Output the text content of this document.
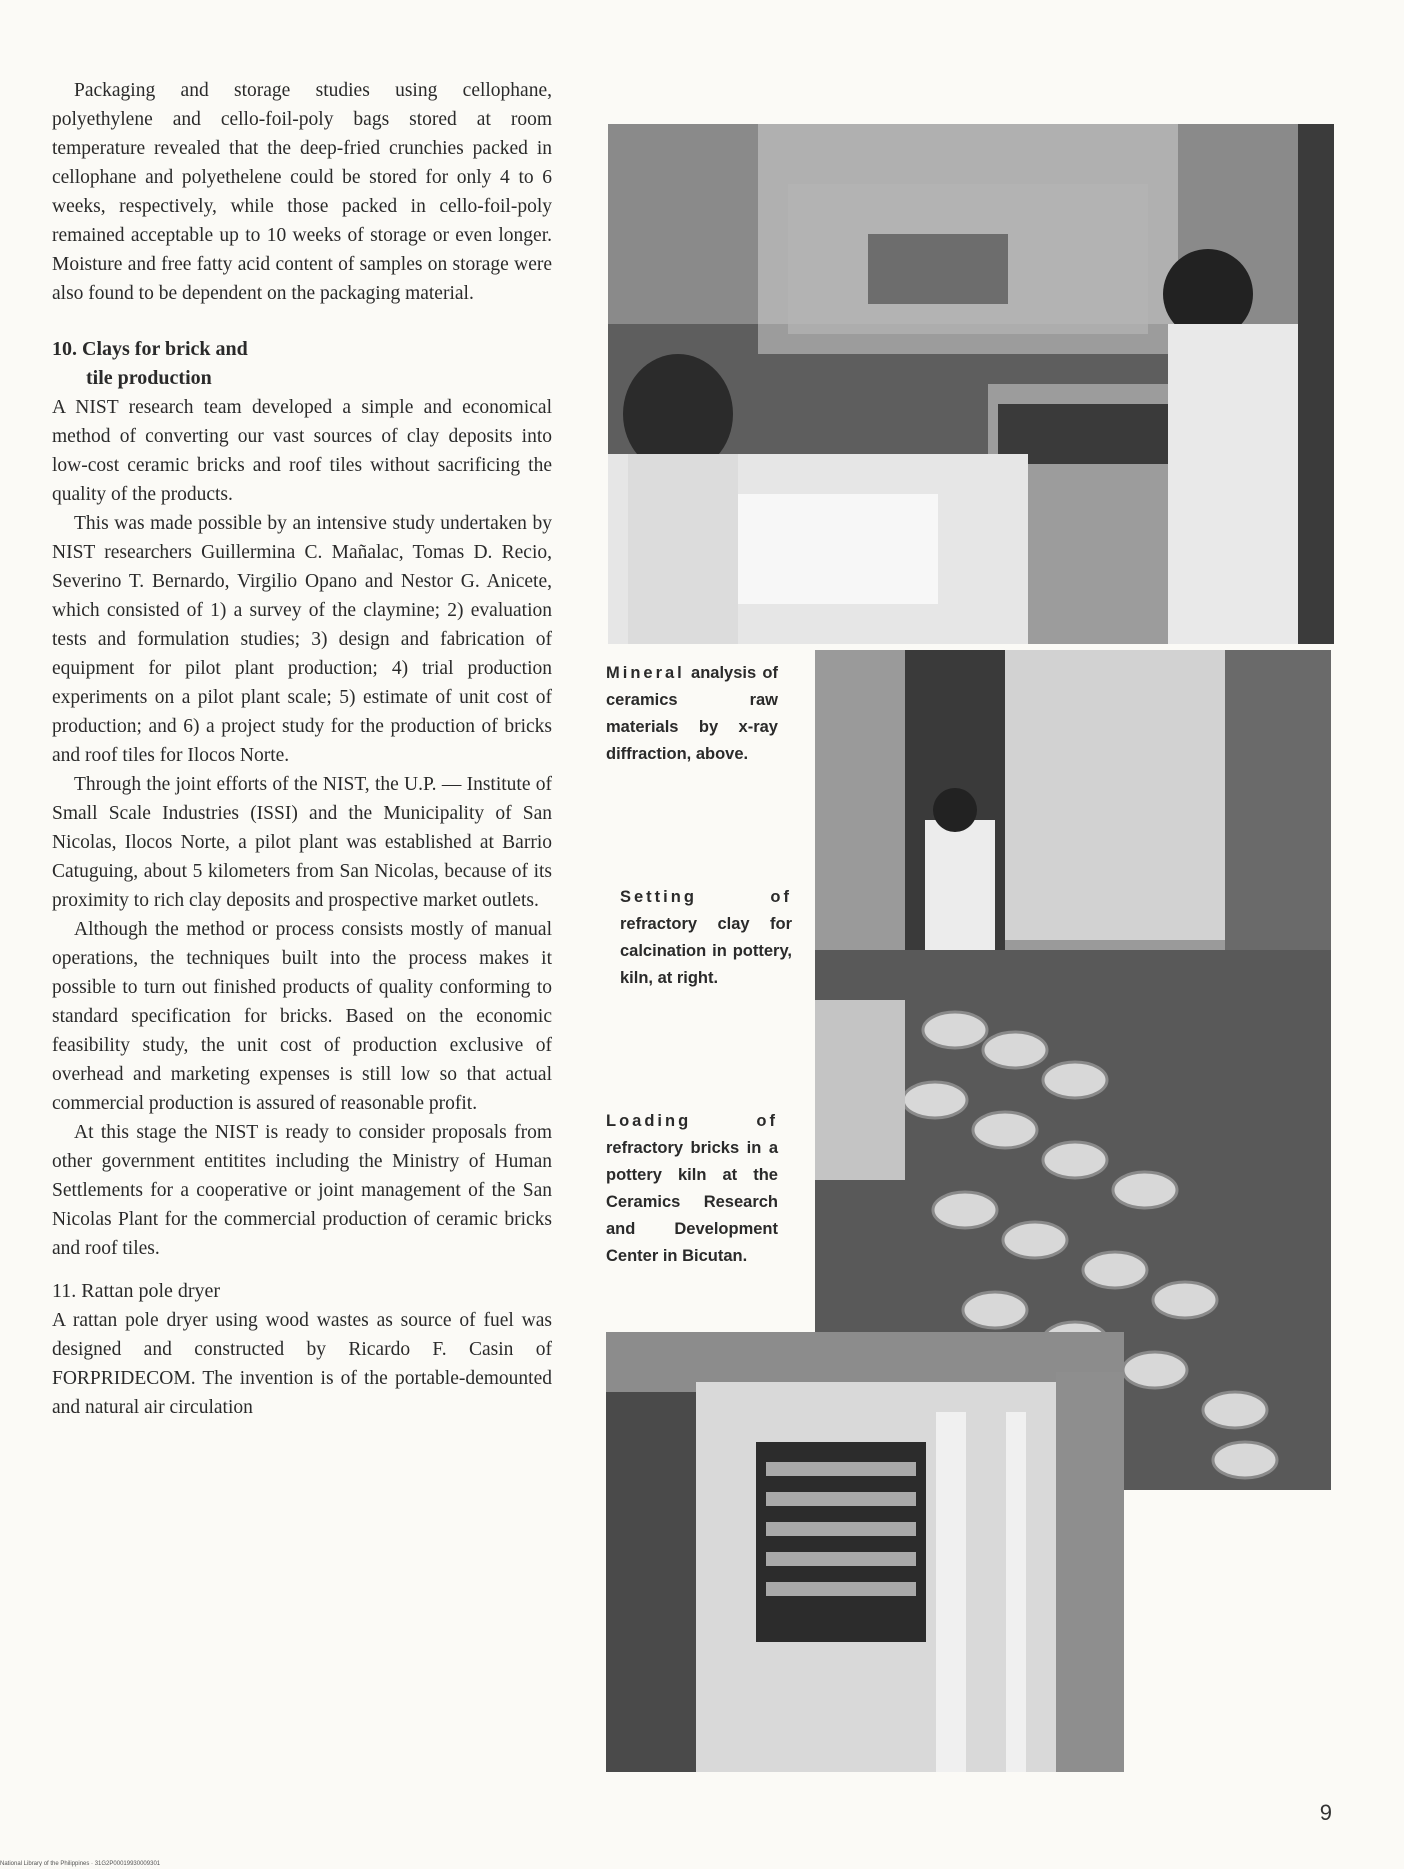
Packaging and storage studies using cellophane, polyethylene and cello-foil-poly bags stored at room temperature revealed that the deep-fried crunchies packed in cellophane and polyethelene could be stored for only 4 to 6 weeks, respectively, while those packed in cello-foil-poly remained acceptable up to 10 weeks of storage or even longer. Moisture and free fatty acid content of samples on storage were also found to be dependent on the packaging material.

10. Clays for brick and
tile production

A NIST research team developed a simple and economical method of converting our vast sources of clay deposits into low-cost ceramic bricks and roof tiles without sacrificing the quality of the products.

This was made possible by an intensive study undertaken by NIST researchers Guillermina C. Mañalac, Tomas D. Recio, Severino T. Bernardo, Virgilio Opano and Nestor G. Anicete, which consisted of 1) a survey of the claymine; 2) evaluation tests and formulation studies; 3) design and fabrication of equipment for pilot plant production; 4) trial production experiments on a pilot plant scale; 5) estimate of unit cost of production; and 6) a project study for the production of bricks and roof tiles for Ilocos Norte.

Through the joint efforts of the NIST, the U.P. — Institute of Small Scale Industries (ISSI) and the Municipality of San Nicolas, Ilocos Norte, a pilot plant was established at Barrio Catuguing, about 5 kilometers from San Nicolas, because of its proximity to rich clay deposits and prospective market outlets.

Although the method or process consists mostly of manual operations, the techniques built into the process makes it possible to turn out finished products of quality conforming to standard specification for bricks. Based on the economic feasibility study, the unit cost of production exclusive of overhead and marketing expenses is still low so that actual commercial production is assured of reasonable profit.

At this stage the NIST is ready to consider proposals from other government entitites including the Ministry of Human Settlements for a cooperative or joint management of the San Nicolas Plant for the commercial production of ceramic bricks and roof tiles.

11. Rattan pole dryer

A rattan pole dryer using wood wastes as source of fuel was designed and constructed by Ricardo F. Casin of FORPRIDECOM. The invention is of the portable-demounted and natural air circulation

Mineral analysis of ceramics raw materials by x-ray diffraction, above.
Setting of refractory clay for calcination in pottery, kiln, at right.
Loading of refractory bricks in a pottery kiln at the Ceramics Research and Development Center in Bicutan.
9
National Library of the Philippines · 31G2P00019930009301
